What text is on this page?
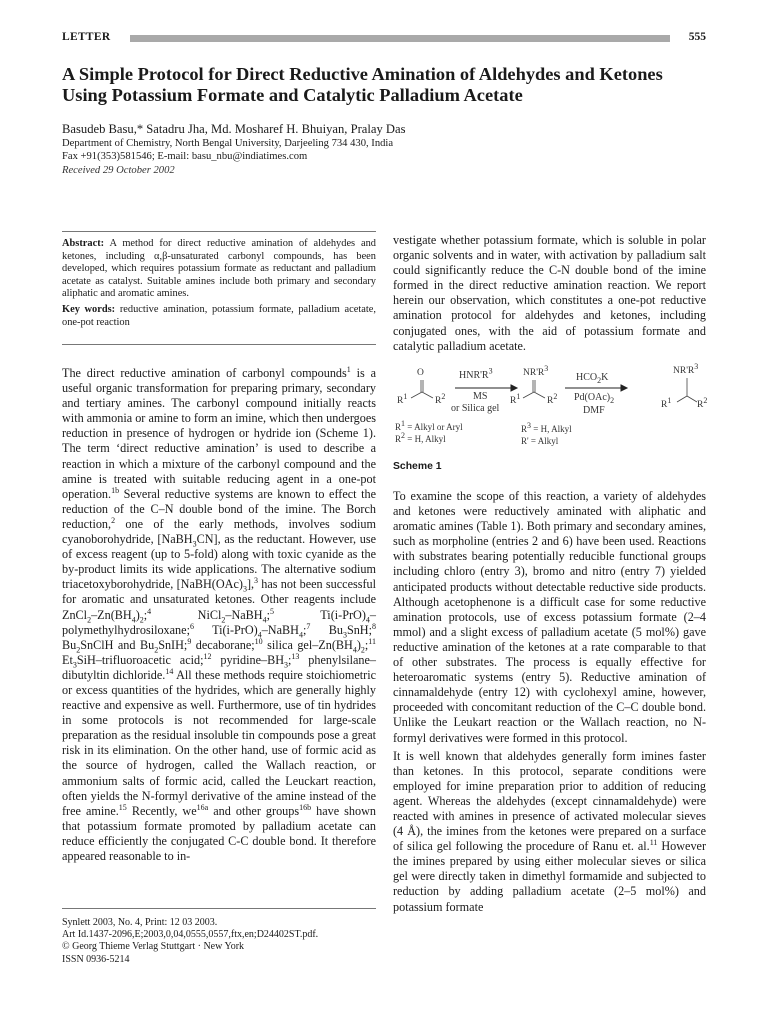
LETTER	555
A Simple Protocol for Direct Reductive Amination of Aldehydes and Ketones Using Potassium Formate and Catalytic Palladium Acetate
Basudeb Basu,* Satadru Jha, Md. Mosharef H. Bhuiyan, Pralay Das
Department of Chemistry, North Bengal University, Darjeeling 734 430, India
Fax +91(353)581546; E-mail: basu_nbu@indiatimes.com
Received 29 October 2002

Abstract: A method for direct reductive amination of aldehydes and ketones, including α,β-unsaturated carbonyl compounds, has been developed, which requires potassium formate as reductant and palladium acetate as catalyst. Suitable amines include both primary and secondary aliphatic and aromatic amines.

Key words: reductive amination, potassium formate, palladium acetate, one-pot reaction

The direct reductive amination of carbonyl compounds$^1$ is a useful organic transformation for preparing primary, secondary and tertiary amines. The carbonyl compound initially reacts with ammonia or amine to form an imine, which then undergoes reduction in presence of hydrogen or hydride ion (Scheme 1). The term ‘direct reductive amination’ is used to describe a reaction in which a mixture of the carbonyl compound and the amine is treated with suitable reducing agent in a one-pot operation.$^{1b}$ Several reductive systems are known to effect the reduction of the C–N double bond of the imine. The Borch reduction,$^2$ one of the early methods, involves sodium cyanoborohydride, [NaBH$_3$CN], as the reductant. However, use of excess reagent (up to 5-fold) along with toxic cyanide as the by-product limits its wide applications. The alternative sodium triacetoxyborohydride, $[NaBH(OAc)_3],^3$ has not been successful for aromatic and unsaturated ketones. Other reagents include $ZnCl_2-Zn(BH_4)_2;^4$ NiCl$_2$–NaBH$_4$;$^5$ $Ti(i-PrO)_4-polymethylhydrosiloxane;^6$ $Ti(i-PrO)_4-NaBH_4;^7$ $Bu_3SnH;^8$ $Bu_2SnClH$ and $Bu_2SnIH;^9$ decaborane;$^{10}$ silica gel–$Zn(BH_4)_2;^{11}$ $Et_3SiH$–trifluoroacetic acid;$^{12}$ pyridine–$BH_3;^{13}$ phenylsilane–dibutyltin dichloride.$^{14}$ All these methods require stoichiometric or excess quantities of the hydrides, which are generally highly reactive and expensive as well. Furthermore, use of tin hydrides in some protocols is not recommended for large-scale preparation as the residual insoluble tin compounds pose a great risk in its elimination. On the other hand, use of formic acid as the source of hydrogen, called the Wallach reaction, or ammonium salts of formic acid, called the Leuckart reaction, often yields the N-formyl derivative of the amine instead of the free amine.$^{15}$ Recently, $we^{16a}$ and other groups$^{16b}$ have shown that potassium formate promoted by palladium acetate can reduce efficiently the conjugated C-C double bond. It therefore appeared reasonable to in-

vestigate whether potassium formate, which is soluble in polar organic solvents and in water, with activation by palladium salt could significantly reduce the C-N double bond of the imine formed in the direct reductive amination reaction. We report herein our observation, which constitutes a one-pot reductive amination protocol for aldehydes and ketones, including conjugated ones, with the aid of potassium formate and catalytic palladium acetate.

O
$R^1$	$R^2$
$HNR'R^3$
MS
or Silica gel
$NR'R^3$
$R^1$	$R^2$
$HCO_2K$
$Pd(OAc)_2$
DMF
$NR'R^3$
$R^1$	$R^2$
$R^1$ = Alkyl or Aryl
$R^2 = H$, Alkyl
$R^3 = H$, Alkyl
R' = Alkyl
Scheme 1

To examine the scope of this reaction, a variety of aldehydes and ketones were reductively aminated with aliphatic and aromatic amines (Table 1). Both primary and secondary amines, such as morpholine (entries 2 and 6) have been used. Reactions with substrates bearing potentially reducible functional groups including chloro (entry 3), bromo and nitro (entry 7) yielded anticipated products without detectable reductive side products. Although acetophenone is a difficult case for some reductive amination protocols, use of excess potassium formate (2–4 mmol) and a slight excess of palladium acetate (5 mol%) gave reductive amination of the ketones at a rate comparable to that of other substrates. The process is equally effective for heteroaromatic systems (entry 5). Reductive amination of cinnamaldehyde (entry 12) with cyclohexyl amine, however, proceeded with concomitant reduction of the C–C double bond. Unlike the Leukart reaction or the Wallach reaction, no N-formyl derivatives were formed in this protocol.

It is well known that aldehydes generally form imines faster than ketones. In this protocol, separate conditions were employed for imine preparation prior to addition of reducing agent. Whereas the aldehydes (except cinnamaldehyde) were reacted with amines in presence of activated molecular sieves (4 Å), the imines from the ketones were prepared on a surface of silica gel following the procedure of Ranu et. al.$^{11}$ However the imines prepared by using either molecular sieves or silica gel were directly taken in dimethyl formamide and subjected to reduction by adding palladium acetate (2–5 mol%) and potassium formate

Synlett 2003, No. 4, Print: 12 03 2003.
Art Id.1437-2096,E;2003,0,04,0555,0557,ftx,en;D24402ST.pdf.
© Georg Thieme Verlag Stuttgart · New York
ISSN 0936-5214
